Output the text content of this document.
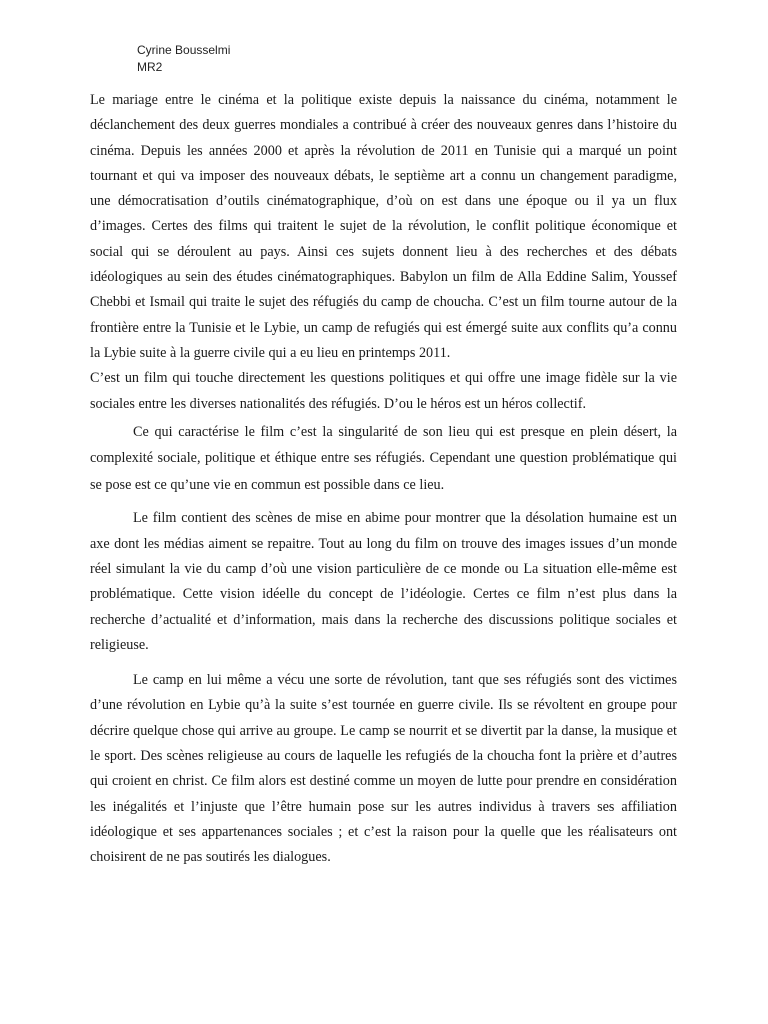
Cyrine Bousselmi
MR2

Le mariage entre le cinéma et la politique existe depuis la naissance du cinéma, notamment le déclanchement des deux guerres mondiales a contribué à créer des nouveaux genres dans l’histoire du cinéma. Depuis les années 2000 et après la révolution de 2011 en Tunisie qui a marqué un point tournant et qui va imposer des nouveaux débats, le septième art a connu un changement paradigme, une démocratisation d’outils cinématographique, d’où on est dans une époque ou il ya un flux d’images. Certes des films qui traitent le sujet de la révolution, le conflit politique économique et social qui se déroulent au pays. Ainsi ces sujets donnent lieu à des recherches et des débats idéologiques au sein des études cinématographiques. Babylon un film de Alla Eddine Salim, Youssef Chebbi et Ismail qui traite le sujet des réfugiés du camp de choucha. C’est un film tourne autour de la frontière entre la Tunisie et le Lybie, un camp de refugiés qui est émergé suite aux conflits qu’a connu la Lybie suite à la guerre civile qui a eu lieu en printemps 2011.

C’est un film qui touche directement les questions politiques et qui offre une image fidèle sur la vie sociales entre les diverses nationalités des réfugiés. D’ou le héros est un héros collectif.

Ce qui caractérise le film c’est la singularité de son lieu qui est presque en plein désert, la complexité sociale, politique et éthique entre ses réfugiés. Cependant une question problématique qui se pose est ce qu’une vie en commun est possible dans ce lieu.

Le film contient des scènes de mise en abime pour montrer que la désolation humaine est un axe dont les médias aiment se repaitre. Tout au long du film on trouve des images issues d’un monde réel simulant la vie du camp d’où une vision particulière de ce monde ou La situation elle-même est problématique. Cette vision idéelle du concept de l’idéologie. Certes ce film n’est plus dans la recherche d’actualité et d’information, mais dans la recherche des discussions politique sociales et religieuse.

Le camp en lui même a vécu une sorte de révolution, tant que ses réfugiés sont des victimes d’une révolution en Lybie qu’à la suite s’est tournée en guerre civile. Ils se révoltent en groupe pour décrire quelque chose qui arrive au groupe. Le camp se nourrit et se divertit par la danse, la musique et le sport. Des scènes religieuse au cours de laquelle les refugiés de la choucha font la prière et d’autres qui croient en christ. Ce film alors est destiné comme un moyen de lutte pour prendre en considération les inégalités et l’injuste que l’être humain pose sur les autres individus à travers ses affiliation idéologique et ses appartenances sociales ; et c’est la raison pour la quelle que les réalisateurs ont choisirent de ne pas soutirés les dialogues.
